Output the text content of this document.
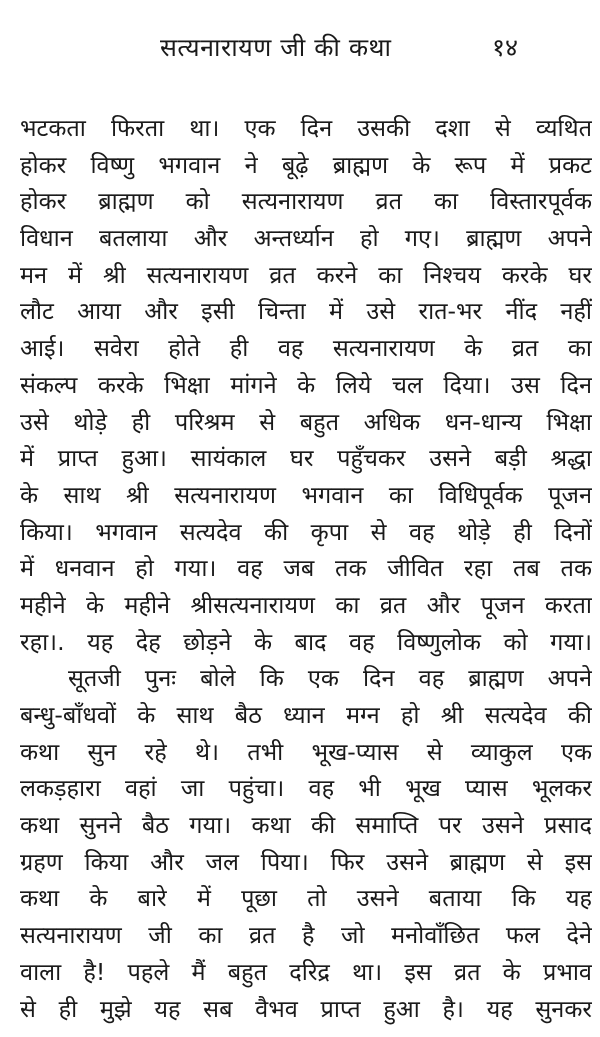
सत्यनारायण जी की कथा	१४
भटकता फिरता था। एक दिन उसकी दशा से व्यथित
होकर विष्णु भगवान ने बूढ़े ब्राह्मण के रूप में प्रकट
होकर ब्राह्मण को सत्यनारायण व्रत का विस्तारपूर्वक
विधान बतलाया और अन्तर्ध्यान हो गए। ब्राह्मण अपने
मन में श्री सत्यनारायण व्रत करने का निश्चय करके घर
लौट आया और इसी चिन्ता में उसे रात-भर नींद नहीं
आई। सवेरा होते ही वह सत्यनारायण के व्रत का
संकल्प करके भिक्षा मांगने के लिये चल दिया। उस दिन
उसे थोड़े ही परिश्रम से बहुत अधिक धन-धान्य भिक्षा
में प्राप्त हुआ। सायंकाल घर पहुँचकर उसने बड़ी श्रद्धा
के साथ श्री सत्यनारायण भगवान का विधिपूर्वक पूजन
किया। भगवान सत्यदेव की कृपा से वह थोड़े ही दिनों
में धनवान हो गया। वह जब तक जीवित रहा तब तक
महीने के महीने श्रीसत्यनारायण का व्रत और पूजन करता
रहा।. यह देह छोड़ने के बाद वह विष्णुलोक को गया।
सूतजी पुनः बोले कि एक दिन वह ब्राह्मण अपने
बन्धु-बाँधवों के साथ बैठ ध्यान मग्न हो श्री सत्यदेव की
कथा सुन रहे थे। तभी भूख-प्यास से व्याकुल एक
लकड़हारा वहां जा पहुंचा। वह भी भूख प्यास भूलकर
कथा सुनने बैठ गया। कथा की समाप्ति पर उसने प्रसाद
ग्रहण किया और जल पिया। फिर उसने ब्राह्मण से इस
कथा के बारे में पूछा तो उसने बताया कि यह
सत्यनारायण जी का व्रत है जो मनोवाँछित फल देने
वाला है! पहले मैं बहुत दरिद्र था। इस व्रत के प्रभाव
से ही मुझे यह सब वैभव प्राप्त हुआ है। यह सुनकर
